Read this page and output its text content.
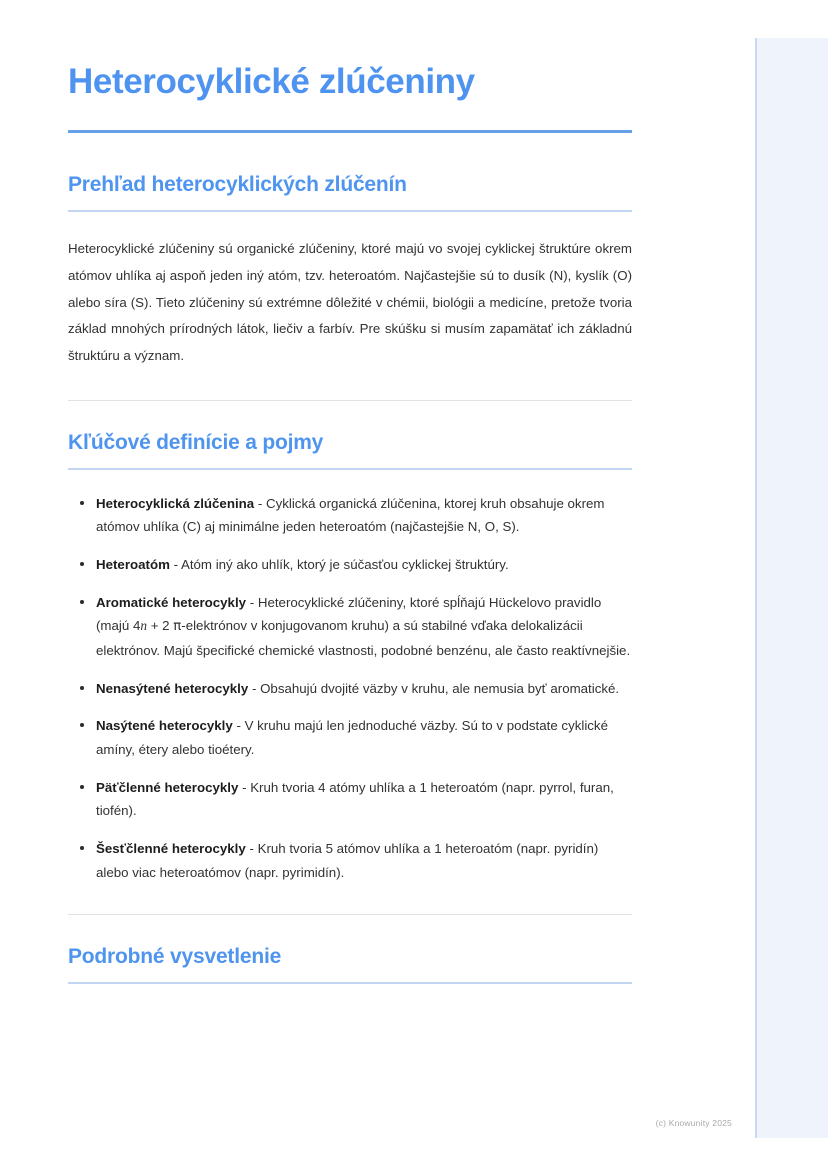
Heterocyklické zlúčeniny
Prehľad heterocyklických zlúčenín

Heterocyklické zlúčeniny sú organické zlúčeniny, ktoré majú vo svojej cyklickej štruktúre okrem atómov uhlíka aj aspoň jeden iný atóm, tzv. heteroatóm. Najčastejšie sú to dusík (N), kyslík (O) alebo síra (S). Tieto zlúčeniny sú extrémne dôležité v chémii, biológii a medicíne, pretože tvoria základ mnohých prírodných látok, liečiv a farbív. Pre skúšku si musím zapamätať ich základnú štruktúru a význam.

Kľúčové definície a pojmy
Heterocyklická zlúčenina - Cyklická organická zlúčenina, ktorej kruh obsahuje okrem atómov uhlíka (C) aj minimálne jeden heteroatóm (najčastejšie N, O, S).
Heteroatóm - Atóm iný ako uhlík, ktorý je súčasťou cyklickej štruktúry.
Aromatické heterocykly - Heterocyklické zlúčeniny, ktoré spĺňajú Hückelovo pravidlo (majú 4n + 2 π-elektrónov v konjugovanom kruhu) a sú stabilné vďaka delokalizácii elektrónov. Majú špecifické chemické vlastnosti, podobné benzénu, ale často reaktívnejšie.
Nenasýtené heterocykly - Obsahujú dvojité väzby v kruhu, ale nemusia byť aromatické.
Nasýtené heterocykly - V kruhu majú len jednoduché väzby. Sú to v podstate cyklické amíny, étery alebo tioétery.
Päťčlenné heterocykly - Kruh tvoria 4 atómy uhlíka a 1 heteroatóm (napr. pyrrol, furan, tiofén).
Šesťčlenné heterocykly - Kruh tvoria 5 atómov uhlíka a 1 heteroatóm (napr. pyridín) alebo viac heteroatómov (napr. pyrimidín).
Podrobné vysvetlenie
(c) Knowunity 2025
